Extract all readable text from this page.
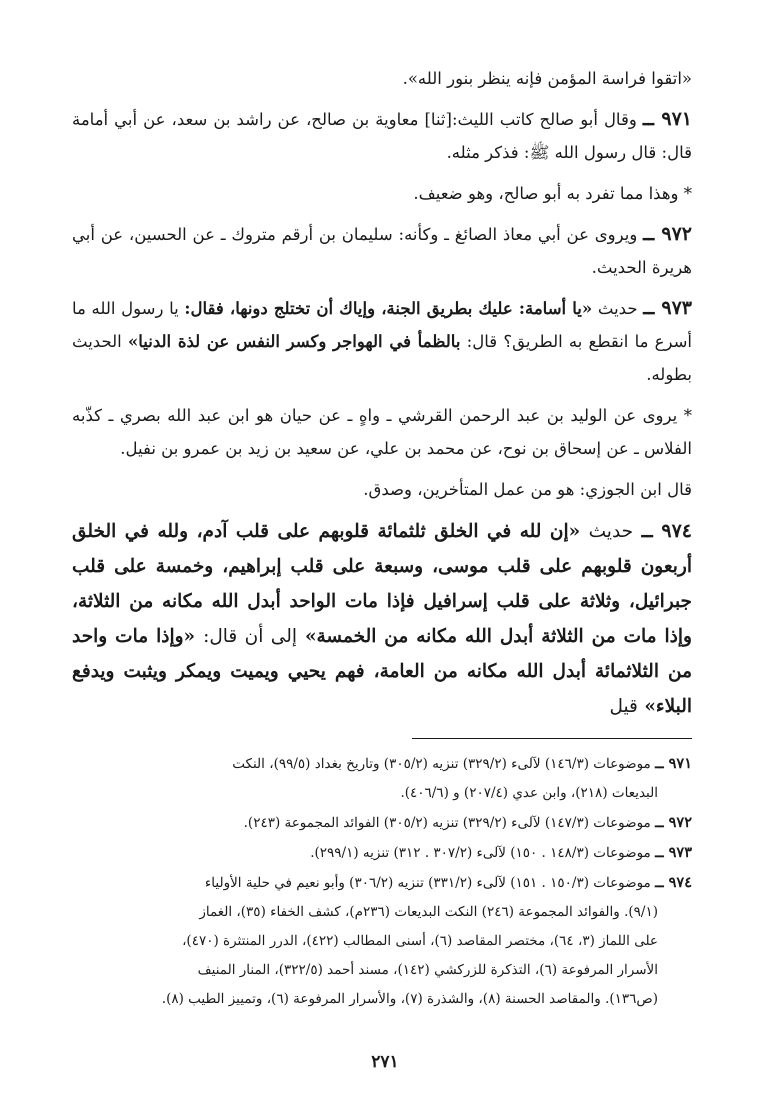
«اتقوا فراسة المؤمن فإنه ينظر بنور الله».

٩٧١ ــ وقال أبو صالح كاتب الليث:[ثنا] معاوية بن صالح، عن راشد بن سعد، عن أبي أمامة قال: قال رسول الله ﷺ: فذكر مثله.

* وهذا مما تفرد به أبو صالح، وهو ضعيف.

٩٧٢ ــ ويروى عن أبي معاذ الصائغ ـ وكأنه: سليمان بن أرقم متروك ـ عن الحسين، عن أبي هريرة الحديث.

٩٧٣ ــ حديث «يا أسامة: عليك بطريق الجنة، وإياك أن تختلج دونها، فقال: يا رسول الله ما أسرع ما انقطع به الطريق؟ قال: بالظمأ في الهواجر وكسر النفس عن لذة الدنيا» الحديث بطوله.

* يروى عن الوليد بن عبد الرحمن القرشي ـ واهٍ ـ عن حيان هو ابن عبد الله بصري ـ كذّبه الفلاس ـ عن إسحاق بن نوح، عن محمد بن علي، عن سعيد بن زيد بن عمرو بن نفيل.

قال ابن الجوزي: هو من عمل المتأخرين، وصدق.

٩٧٤ ــ حديث «إن لله في الخلق ثلثمائة قلوبهم على قلب آدم، ولله في الخلق أربعون قلوبهم على قلب موسى، وسبعة على قلب إبراهيم، وخمسة على قلب جبرائيل، وثلاثة على قلب إسرافيل فإذا مات الواحد أبدل الله مكانه من الثلاثة، وإذا مات من الثلاثة أبدل الله مكانه من الخمسة» إلى أن قال: «وإذا مات واحد من الثلاثمائة أبدل الله مكانه من العامة، فهم يحيي ويميت ويمكر ويثبت ويدفع البلاء» قيل

٩٧١ ــ موضوعات (١٤٦/٣) لآلىء (٣٢٩/٢) تنزيه (٣٠٥/٢) وتاريخ بغداد (٩٩/٥)، النكت

البديعات (٢١٨)، وابن عدي (٢٠٧/٤) و (٤٠٦/٦).

٩٧٢ ــ موضوعات (١٤٧/٣) لآلىء (٣٢٩/٢) تنزيه (٣٠٥/٢) الفوائد المجموعة (٢٤٣).

٩٧٣ ــ موضوعات (١٤٨/٣ . ١٥٠) لآلىء (٣٠٧/٢ . ٣١٢) تنزيه (٢٩٩/١).

٩٧٤ ــ موضوعات (١٥٠/٣ . ١٥١) لآلىء (٣٣١/٢) تنزيه (٣٠٦/٢) وأبو نعيم في حلية الأولياء

(٩/١). والفوائد المجموعة (٢٤٦) النكت البديعات (٢٣٦م)، كشف الخفاء (٣٥)، الغماز

على اللماز (٣، ٦٤)، مختصر المقاصد (٦)، أسنى المطالب (٤٢٢)، الدرر المنتثرة (٤٧٠)،

الأسرار المرفوعة (٦)، التذكرة للزركشي (١٤٢)، مسند أحمد (٣٢٢/٥)، المنار المنيف

(ص١٣٦). والمقاصد الحسنة (٨)، والشذرة (٧)، والأسرار المرفوعة (٦)، وتمييز الطيب (٨).

٢٧١
